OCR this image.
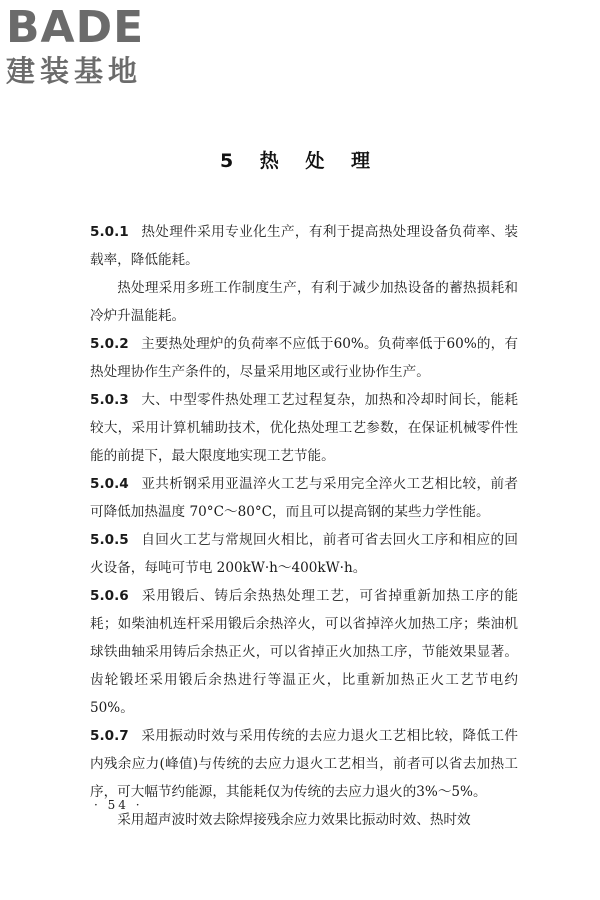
BADE
建装基地
5 热 处 理

5.0.1 热处理件采用专业化生产，有利于提高热处理设备负荷率、装载率，降低能耗。

热处理采用多班工作制度生产，有利于减少加热设备的蓄热损耗和冷炉升温能耗。

5.0.2 主要热处理炉的负荷率不应低于60%。负荷率低于60%的，有热处理协作生产条件的，尽量采用地区或行业协作生产。

5.0.3 大、中型零件热处理工艺过程复杂，加热和冷却时间长，能耗较大，采用计算机辅助技术，优化热处理工艺参数，在保证机械零件性能的前提下，最大限度地实现工艺节能。

5.0.4 亚共析钢采用亚温淬火工艺与采用完全淬火工艺相比较，前者可降低加热温度 70°C～80°C，而且可以提高钢的某些力学性能。

5.0.5 自回火工艺与常规回火相比，前者可省去回火工序和相应的回火设备，每吨可节电 200kW·h～400kW·h。

5.0.6 采用锻后、铸后余热热处理工艺，可省掉重新加热工序的能耗；如柴油机连杆采用锻后余热淬火，可以省掉淬火加热工序；柴油机球铁曲轴采用铸后余热正火，可以省掉正火加热工序，节能效果显著。齿轮锻坯采用锻后余热进行等温正火，比重新加热正火工艺节电约50%。

5.0.7 采用振动时效与采用传统的去应力退火工艺相比较，降低工件内残余应力(峰值)与传统的去应力退火工艺相当，前者可以省去加热工序，可大幅节约能源，其能耗仅为传统的去应力退火的3%～5%。

采用超声波时效去除焊接残余应力效果比振动时效、热时效

· 54 ·
